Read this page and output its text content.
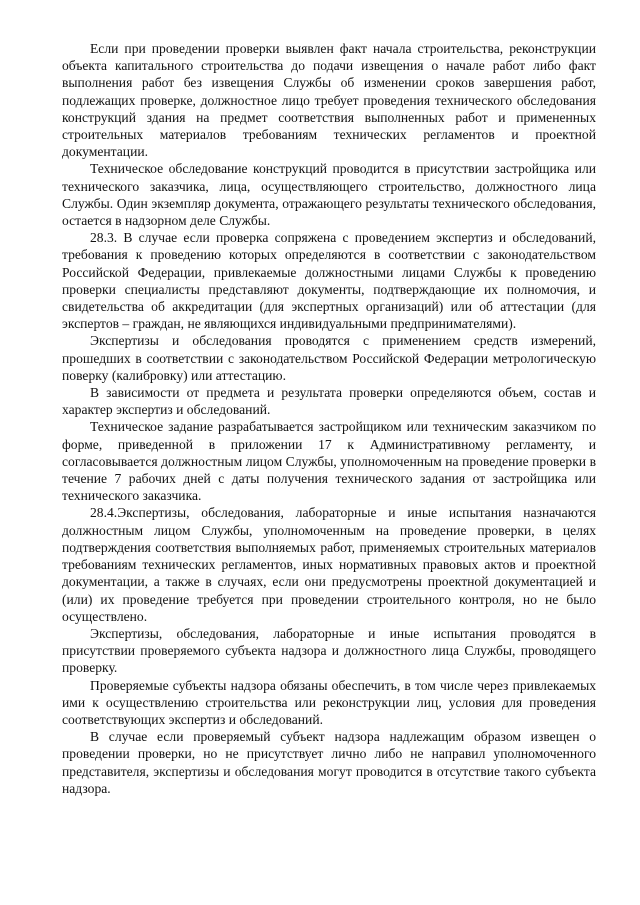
Если при проведении проверки выявлен факт начала строительства, реконструкции объекта капитального строительства до подачи извещения о начале работ либо факт выполнения работ без извещения Службы об изменении сроков завершения работ, подлежащих проверке, должностное лицо требует проведения технического обследования конструкций здания на предмет соответствия выполненных работ и примененных строительных материалов требованиям технических регламентов и проектной документации.

Техническое обследование конструкций проводится в присутствии застройщика или технического заказчика, лица, осуществляющего строительство, должностного лица Службы. Один экземпляр документа, отражающего результаты технического обследования, остается в надзорном деле Службы.

28.3. В случае если проверка сопряжена с проведением экспертиз и обследований, требования к проведению которых определяются в соответствии с законодательством Российской Федерации, привлекаемые должностными лицами Службы к проведению проверки специалисты представляют документы, подтверждающие их полномочия, и свидетельства об аккредитации (для экспертных организаций) или об аттестации (для экспертов – граждан, не являющихся индивидуальными предпринимателями).

Экспертизы и обследования проводятся с применением средств измерений, прошедших в соответствии с законодательством Российской Федерации метрологическую поверку (калибровку) или аттестацию.

В зависимости от предмета и результата проверки определяются объем, состав и характер экспертиз и обследований.

Техническое задание разрабатывается застройщиком или техническим заказчиком по форме, приведенной в приложении 17 к Административному регламенту, и согласовывается должностным лицом Службы, уполномоченным на проведение проверки в течение 7 рабочих дней с даты получения технического задания от застройщика или технического заказчика.

28.4.Экспертизы, обследования, лабораторные и иные испытания назначаются должностным лицом Службы, уполномоченным на проведение проверки, в целях подтверждения соответствия выполняемых работ, применяемых строительных материалов требованиям технических регламентов, иных нормативных правовых актов и проектной документации, а также в случаях, если они предусмотрены проектной документацией и (или) их проведение требуется при проведении строительного контроля, но не было осуществлено.

Экспертизы, обследования, лабораторные и иные испытания проводятся в присутствии проверяемого субъекта надзора и должностного лица Службы, проводящего проверку.

Проверяемые субъекты надзора обязаны обеспечить, в том числе через привлекаемых ими к осуществлению строительства или реконструкции лиц, условия для проведения соответствующих экспертиз и обследований.

В случае если проверяемый субъект надзора надлежащим образом извещен о проведении проверки, но не присутствует лично либо не направил уполномоченного представителя, экспертизы и обследования могут проводится в отсутствие такого субъекта надзора.
